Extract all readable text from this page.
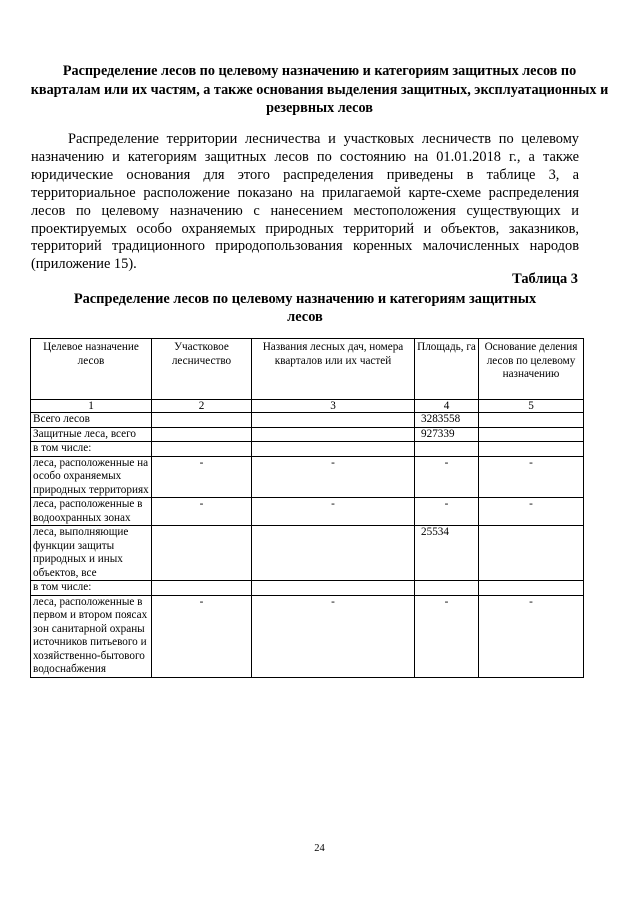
Распределение лесов по целевому назначению и категориям защитных лесов по кварталам или их частям, а также основания выделения защитных, эксплуатационных и резервных лесов

Распределение территории лесничества и участковых лесничеств по целевому назначению и категориям защитных лесов по состоянию на 01.01.2018 г., а также юридические основания для этого распределения приведены в таблице 3, а территориальное расположение показано на прилагаемой карте-схеме распределения лесов по целевому назначению с нанесением местоположения существующих и проектируемых особо охраняемых природных территорий и объектов, заказников, территорий традиционного природопользования коренных малочисленных народов (приложение 15).

Таблица 3
Распределение лесов по целевому назначению и категориям защитных лесов
Целевое назначение лесов	Участковое лесничество	Названия лесных дач, номера кварталов или их частей	Площадь, га	Основание деления лесов по целевому назначению
1	2	3	4	5
Всего лесов			3283558	
Защитные леса, всего			927339	
в том числе:				
леса, расположенные на особо охраняемых природных территориях	-	-	-	-
леса, расположенные в водоохранных зонах	-	-	-	-
леса, выполняющие функции защиты природных и иных объектов, все			25534	
в том числе:				
леса, расположенные в первом и втором поясах зон санитарной охраны источников питьевого и хозяйственно-бытового водоснабжения	-	-	-	-
24
